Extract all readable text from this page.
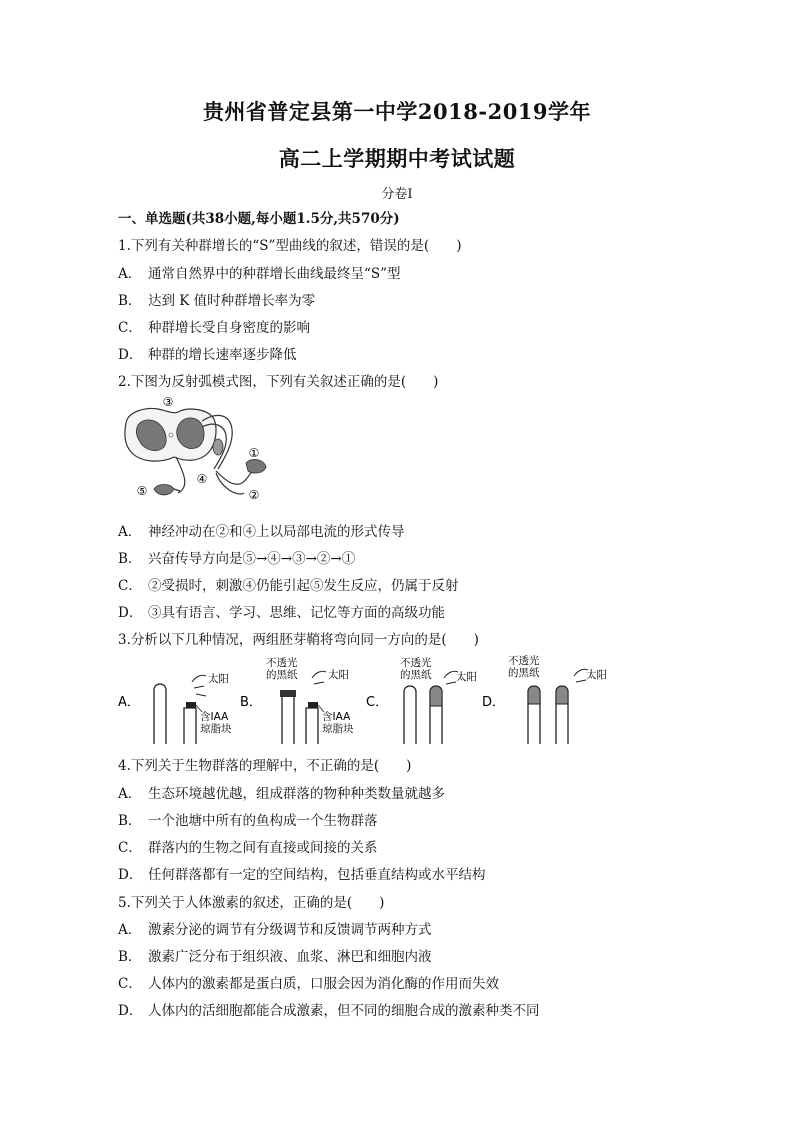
贵州省普定县第一中学2018-2019学年
高二上学期期中考试试题
分卷I
一、单选题(共38小题,每小题1.5分,共570分)
1.下列有关种群增长的“S”型曲线的叙述，错误的是(　　)
A． 通常自然界中的种群增长曲线最终呈“S”型
B． 达到 K 值时种群增长率为零
C． 种群增长受自身密度的影响
D． 种群的增长速率逐步降低
2.下图为反射弧模式图，下列有关叙述正确的是(　　)
③
①
②
④
⑤
A． 神经冲动在②和④上以局部电流的形式传导
B． 兴奋传导方向是⑤→④→③→②→①
C． ②受损时，刺激④仍能引起⑤发生反应，仍属于反射
D． ③具有语言、学习、思维、记忆等方面的高级功能
3.分析以下几种情况，两组胚芽鞘将弯向同一方向的是(　　)
A．
太阳
含IAA
琼脂块
B．
不透光
的黑纸	太阳
含IAA
琼脂块
C．
不透光
的黑纸 太阳
D．
不透光
的黑纸	太阳
4.下列关于生物群落的理解中，不正确的是(　　)
A． 生态环境越优越，组成群落的物种种类数量就越多
B． 一个池塘中所有的鱼构成一个生物群落
C． 群落内的生物之间有直接或间接的关系
D． 任何群落都有一定的空间结构，包括垂直结构或水平结构
5.下列关于人体激素的叙述，正确的是(　　)
A． 激素分泌的调节有分级调节和反馈调节两种方式
B． 激素广泛分布于组织液、血浆、淋巴和细胞内液
C． 人体内的激素都是蛋白质，口服会因为消化酶的作用而失效
D． 人体内的活细胞都能合成激素，但不同的细胞合成的激素种类不同
